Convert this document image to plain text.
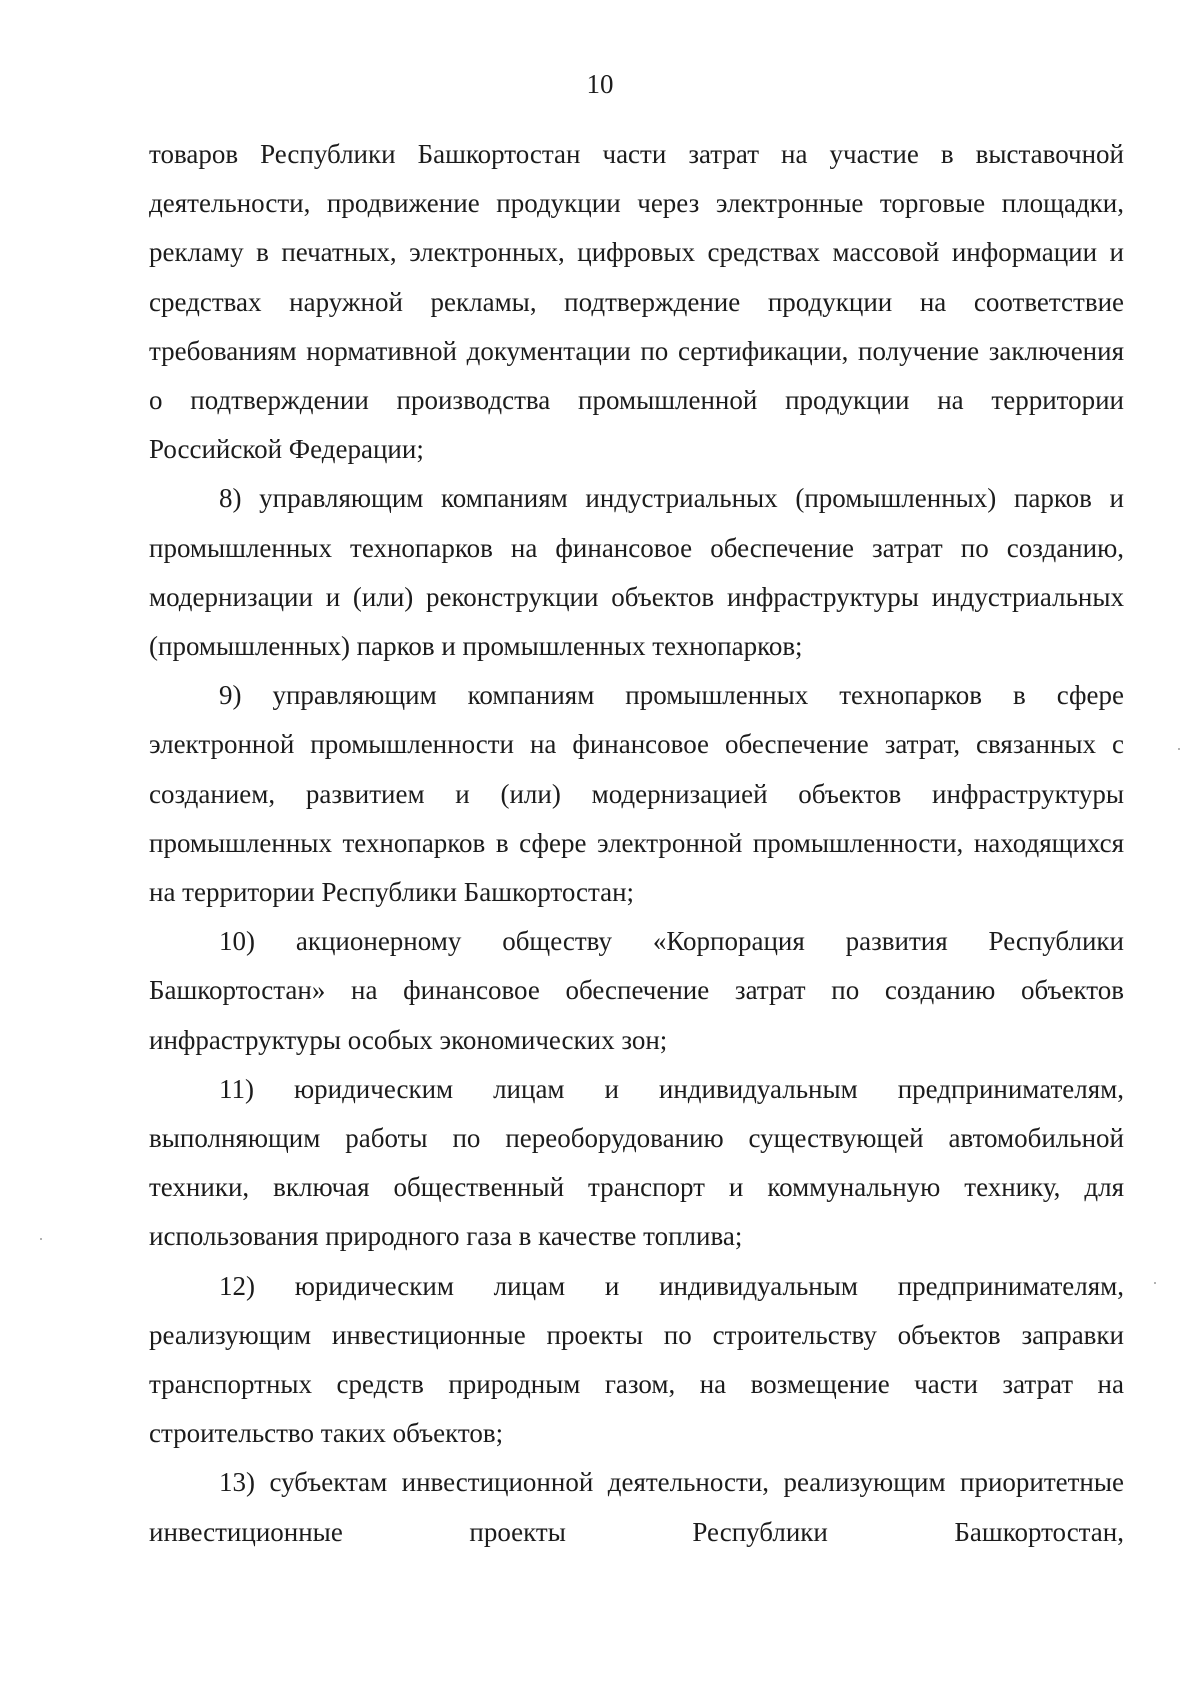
10

товаров Республики Башкортостан части затрат на участие в выставочной деятельности, продвижение продукции через электронные торговые площадки, рекламу в печатных, электронных, цифровых средствах массовой информации и средствах наружной рекламы, подтверждение продукции на соответствие требованиям нормативной документации по сертификации, получение заключения о подтверждении производства промышленной продукции на территории Российской Федерации;

8) управляющим компаниям индустриальных (промышленных) парков и промышленных технопарков на финансовое обеспечение затрат по созданию, модернизации и (или) реконструкции объектов инфраструктуры индустриальных (промышленных) парков и промышленных технопарков;

9) управляющим компаниям промышленных технопарков в сфере электронной промышленности на финансовое обеспечение затрат, связанных с созданием, развитием и (или) модернизацией объектов инфраструктуры промышленных технопарков в сфере электронной промышленности, находящихся на территории Республики Башкортостан;

10) акционерному обществу «Корпорация развития Республики Башкортостан» на финансовое обеспечение затрат по созданию объектов инфраструктуры особых экономических зон;

11) юридическим лицам и индивидуальным предпринимателям, выполняющим работы по переоборудованию существующей автомобильной техники, включая общественный транспорт и коммунальную технику, для использования природного газа в качестве топлива;

12) юридическим лицам и индивидуальным предпринимателям, реализующим инвестиционные проекты по строительству объектов заправки транспортных средств природным газом, на возмещение части затрат на строительство таких объектов;

13) субъектам инвестиционной деятельности, реализующим приоритетные инвестиционные проекты Республики Башкортостан,
